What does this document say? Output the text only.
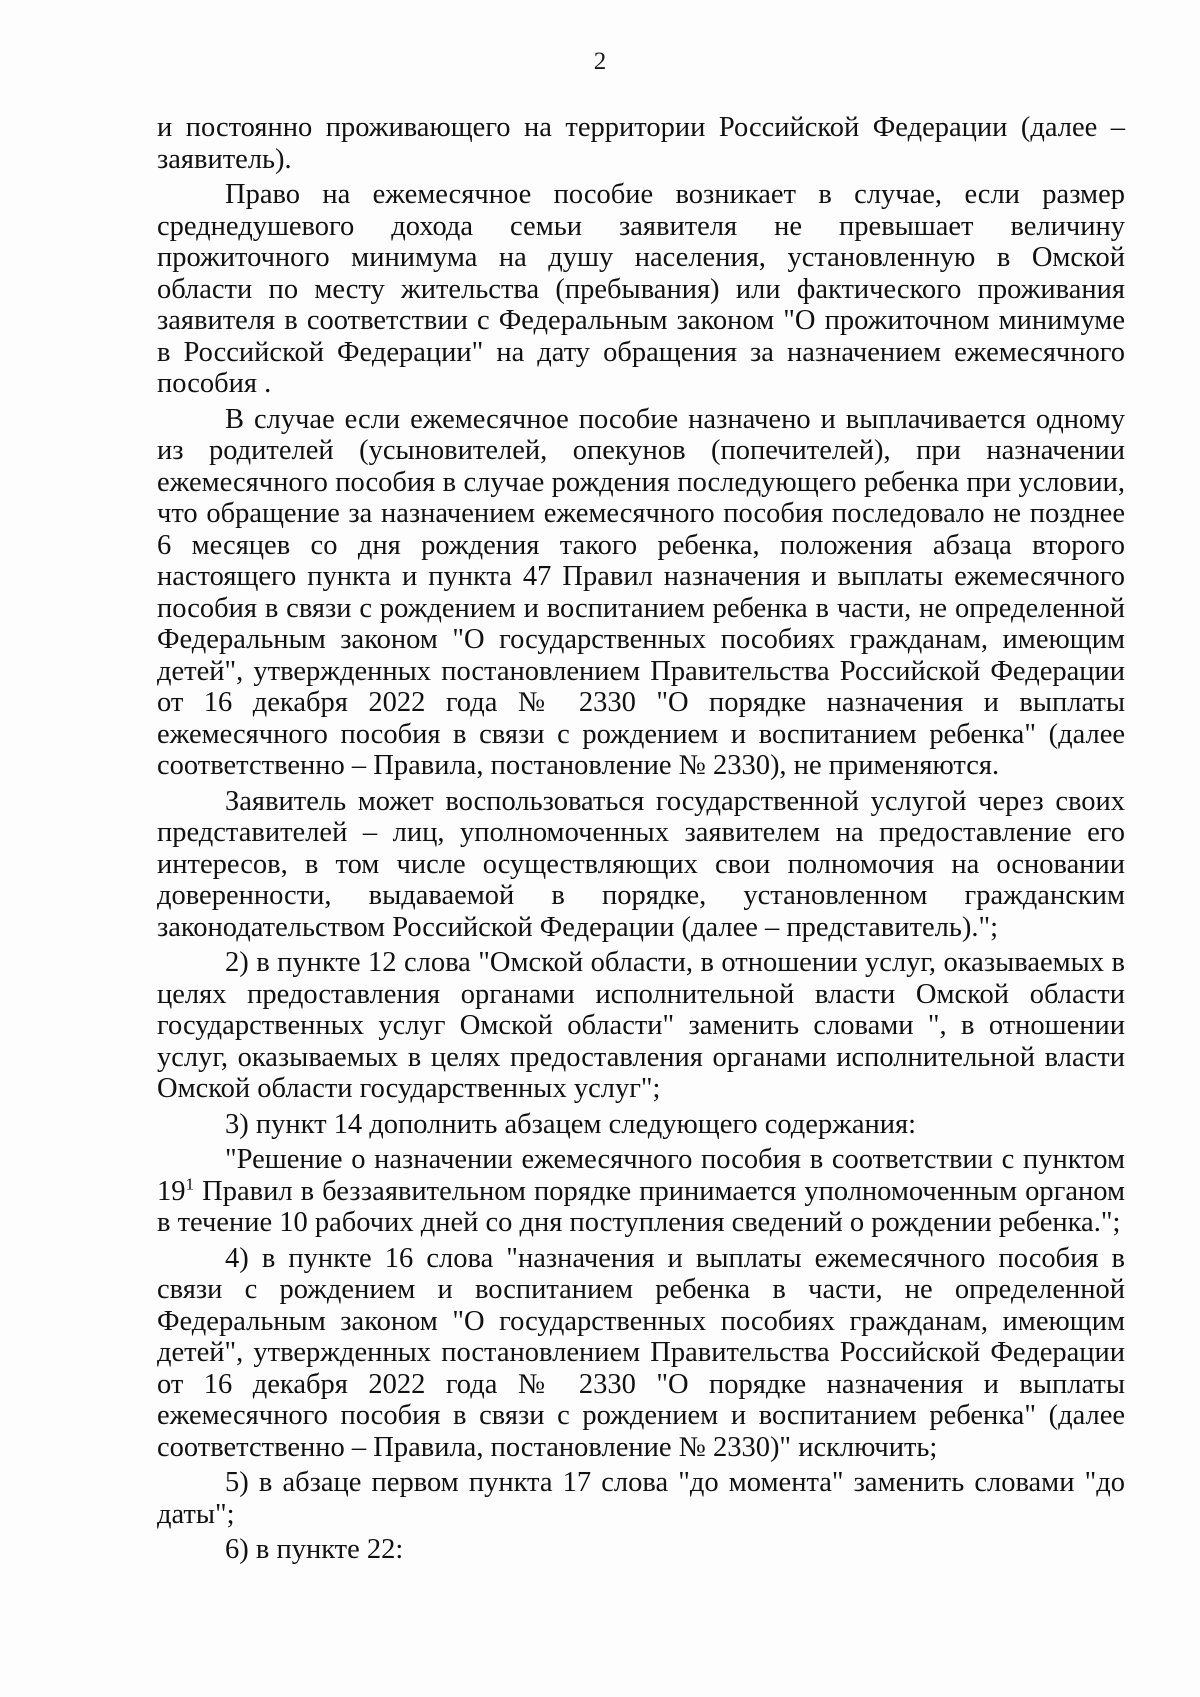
2

и постоянно проживающего на территории Российской Федерации (далее – заявитель).

Право на ежемесячное пособие возникает в случае, если размер среднедушевого дохода семьи заявителя не превышает величину прожиточного минимума на душу населения, установленную в Омской области по месту жительства (пребывания) или фактического проживания заявителя в соответствии с Федеральным законом "О прожиточном минимуме в Российской Федерации" на дату обращения за назначением ежемесячного пособия .

В случае если ежемесячное пособие назначено и выплачивается одному из родителей (усыновителей, опекунов (попечителей), при назначении ежемесячного пособия в случае рождения последующего ребенка при условии, что обращение за назначением ежемесячного пособия последовало не позднее 6 месяцев со дня рождения такого ребенка, положения абзаца второго настоящего пункта и пункта 47 Правил назначения и выплаты ежемесячного пособия в связи с рождением и воспитанием ребенка в части, не определенной Федеральным законом "О государственных пособиях гражданам, имеющим детей", утвержденных постановлением Правительства Российской Федерации от 16 декабря 2022 года № 2330 "О порядке назначения и выплаты ежемесячного пособия в связи с рождением и воспитанием ребенка" (далее соответственно – Правила, постановление № 2330), не применяются.

Заявитель может воспользоваться государственной услугой через своих представителей – лиц, уполномоченных заявителем на предоставление его интересов, в том числе осуществляющих свои полномочия на основании доверенности, выдаваемой в порядке, установленном гражданским законодательством Российской Федерации (далее – представитель).";

2) в пункте 12 слова "Омской области, в отношении услуг, оказываемых в целях предоставления органами исполнительной власти Омской области государственных услуг Омской области" заменить словами ", в отношении услуг, оказываемых в целях предоставления органами исполнительной власти Омской области государственных услуг";

3) пункт 14 дополнить абзацем следующего содержания:

"Решение о назначении ежемесячного пособия в соответствии с пунктом $19^1$ Правил в беззаявительном порядке принимается уполномоченным органом в течение 10 рабочих дней со дня поступления сведений о рождении ребенка.";

4) в пункте 16 слова "назначения и выплаты ежемесячного пособия в связи с рождением и воспитанием ребенка в части, не определенной Федеральным законом "О государственных пособиях гражданам, имеющим детей", утвержденных постановлением Правительства Российской Федерации от 16 декабря 2022 года № 2330 "О порядке назначения и выплаты ежемесячного пособия в связи с рождением и воспитанием ребенка" (далее соответственно – Правила, постановление № 2330)" исключить;

5) в абзаце первом пункта 17 слова "до момента" заменить словами "до даты";

6) в пункте 22:
